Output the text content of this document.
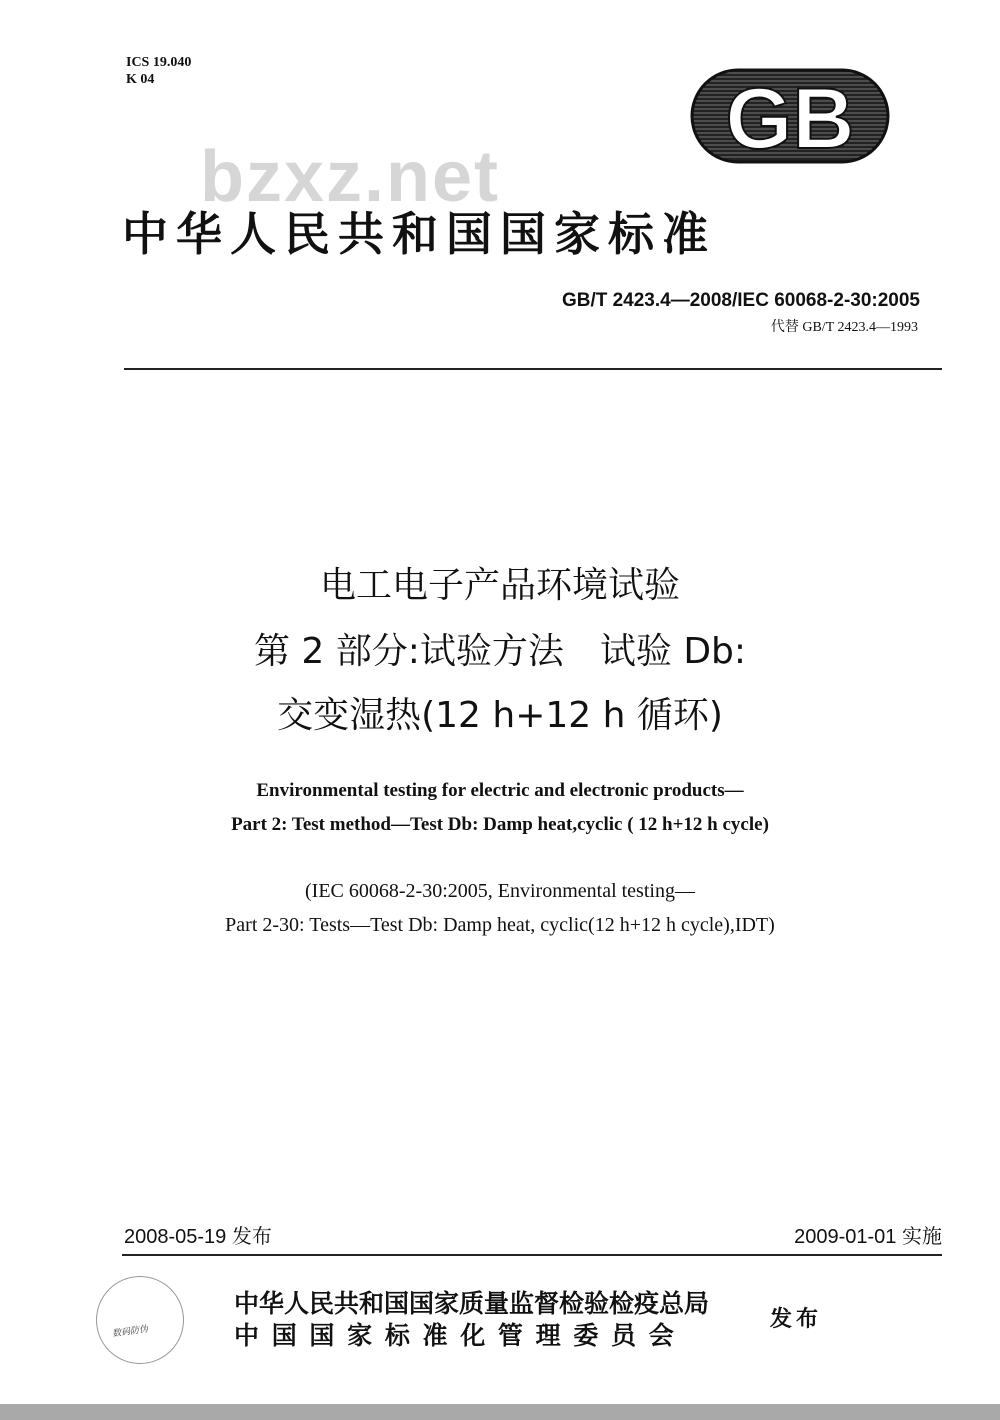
ICS 19.040
K 04	GB
bzxz.net
中华人民共和国国家标准
GB/T 2423.4—2008/IEC 60068-2-30:2005
代替 GB/T 2423.4—1993
电工电子产品环境试验
第 2 部分:试验方法　试验 Db:
交变湿热(12 h+12 h 循环)
Environmental testing for electric and electronic products—
Part 2: Test method—Test Db: Damp heat,cyclic ( 12 h+12 h cycle)
(IEC 60068-2-30:2005, Environmental testing—
Part 2-30: Tests—Test Db: Damp heat, cyclic(12 h+12 h cycle),IDT)
2008-05-19 发布	2009-01-01 实施
数码防伪
中华人民共和国国家质量监督检验检疫总局
中 国 国 家 标 准 化 管 理 委 员 会
发布
